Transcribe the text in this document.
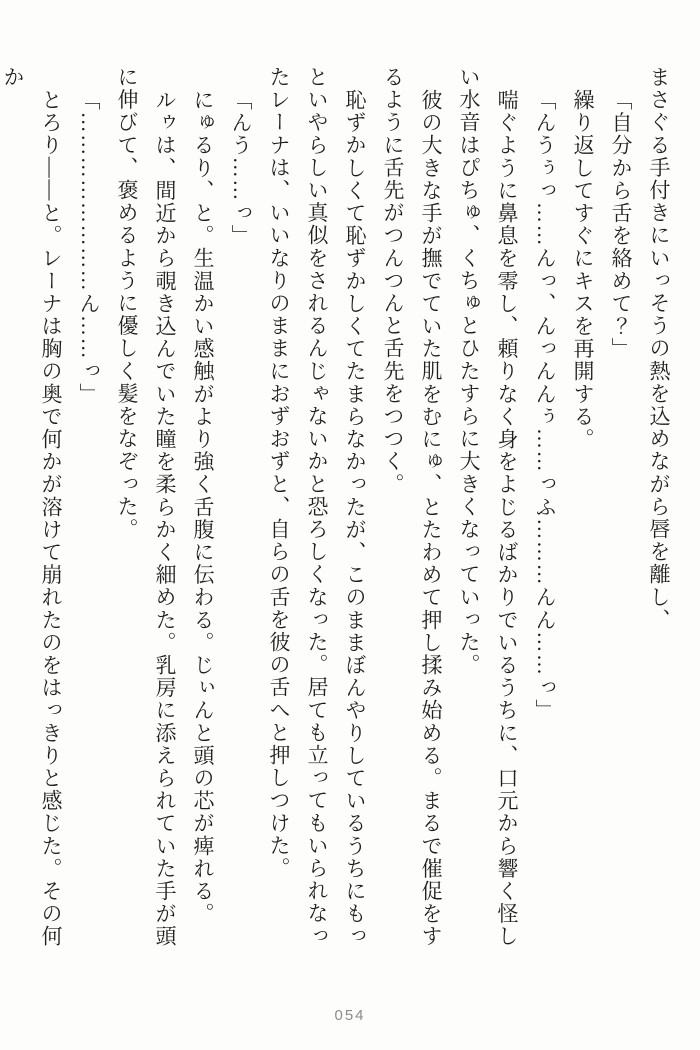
まさぐる手付きにいっそうの熱を込めながら唇を離し、

「自分から舌を絡めて？」

繰り返してすぐにキスを再開する。

「んうぅっ……んっ、んっんんぅ……っふ………んん……っ」

喘ぐように鼻息を零し、頼りなく身をよじるばかりでいるうちに、口元から響く怪しい水音はぴちゅ、くちゅとひたすらに大きくなっていった。

彼の大きな手が撫でていた肌をむにゅ、とたわめて押し揉み始める。まるで催促をするように舌先がつんつんと舌先をつつく。

恥ずかしくて恥ずかしくてたまらなかったが、このままぼんやりしているうちにもっといやらしい真似をされるんじゃないかと恐ろしくなった。居ても立ってもいられなったレーナは、いいなりのままにおずおずと、自らの舌を彼の舌へと押しつけた。

「んう……っ」

にゅるり、と。生温かい感触がより強く舌腹に伝わる。じぃんと頭の芯が痺れる。

ルゥは、間近から覗き込んでいた瞳を柔らかく細めた。乳房に添えられていた手が頭に伸びて、褒めるように優しく髪をなぞった。

「……………………ん……っ」

とろり――と。レーナは胸の奥で何かが溶けて崩れたのをはっきりと感じた。その何か

054
